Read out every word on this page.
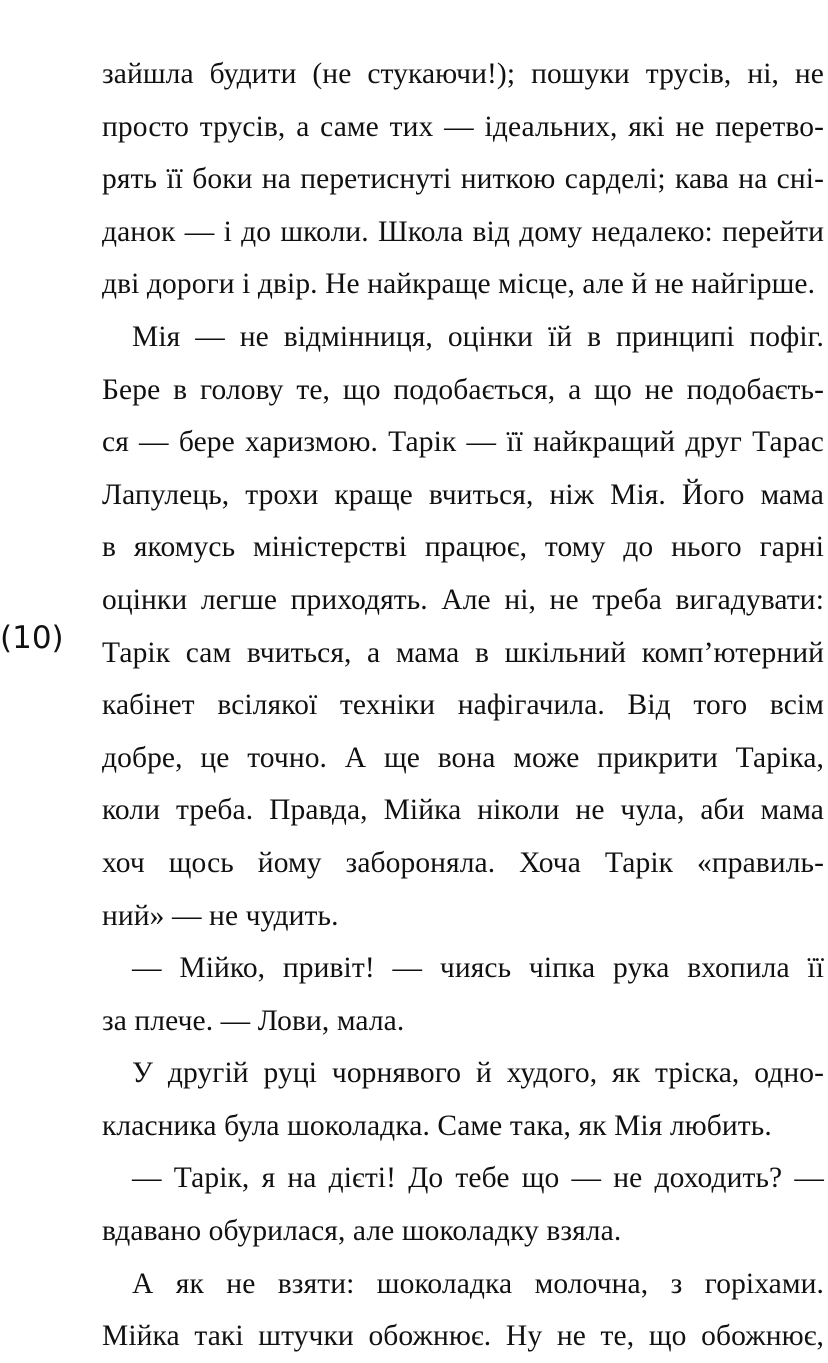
(10)
зайшла будити (не стукаючи!); пошуки трусів, ні, не
просто трусів, а саме тих — ідеальних, які не перетво-
рять її боки на перетиснуті ниткою сарделі; кава на сні-
данок — і до школи. Школа від дому недалеко: перейти
дві дороги і двір. Не найкраще місце, але й не найгірше.
Мія — не відмінниця, оцінки їй в принципі пофіг.
Бере в голову те, що подобається, а що не подобаєть-
ся — бере харизмою. Тарік — її найкращий друг Тарас
Лапулець, трохи краще вчиться, ніж Мія. Його мама
в якомусь міністерстві працює, тому до нього гарні
оцінки легше приходять. Але ні, не треба вигадувати:
Тарік сам вчиться, а мама в шкільний комп’ютерний
кабінет всілякої техніки нафігачила. Від того всім
добре, це точно. А ще вона може прикрити Таріка,
коли треба. Правда, Мійка ніколи не чула, аби мама
хоч щось йому забороняла. Хоча Тарік «правиль-
ний» — не чудить.
— Мійко, привіт! — чиясь чіпка рука вхопила її
за плече. — Лови, мала.
У другій руці чорнявого й худого, як тріска, одно-
класника була шоколадка. Саме така, як Мія любить.
— Тарік, я на дієті! До тебе що — не доходить? —
вдавано обурилася, але шоколадку взяла.
А як не взяти: шоколадка молочна, з горіхами.
Мійка такі штучки обожнює. Ну не те, що обожнює,
